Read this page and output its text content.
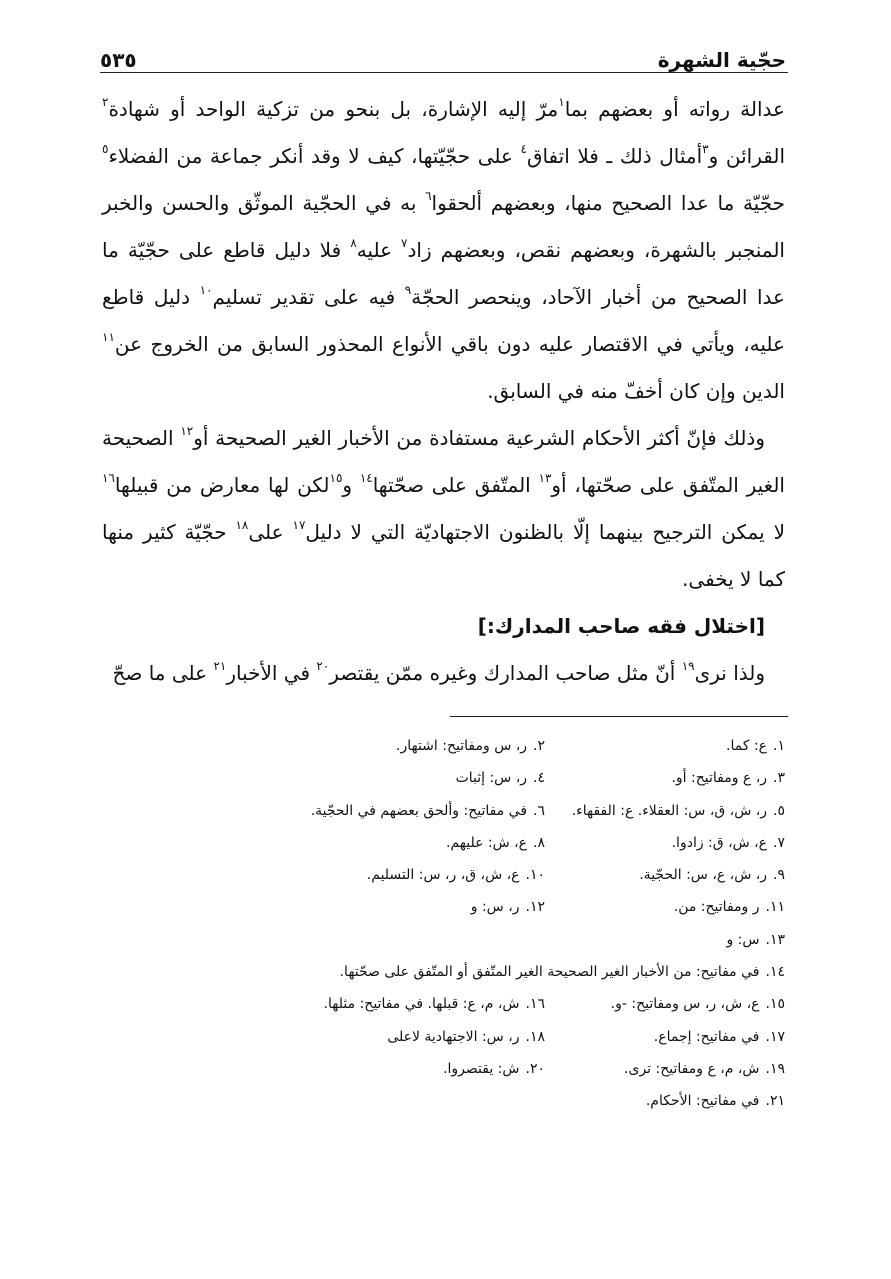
حجّية الشهرة
٥٣٥

عدالة رواته أو بعضهم بما$^١$مرّ إليه الإشارة، بل بنحو من تزكية الواحد أو شهادة$^٢$ القرائن و$^٣$أمثال ذلك ـ فلا اتفاق$^٤$ على حجّيّتها، كيف لا وقد أنكر جماعة من الفضلاء$^٥$ حجّيّة ما عدا الصحيح منها، وبعضهم ألحقوا$^٦$ به في الحجّية الموثّق والحسن والخبر المنجبر بالشهرة، وبعضهم نقص، وبعضهم زاد$^٧$ عليه$^٨$ فلا دليل قاطع على حجّيّة ما عدا الصحيح من أخبار الآحاد، وينحصر الحجّة$^٩$ فيه على تقدير تسليم$^{١٠}$ دليل قاطع عليه، ويأتي في الاقتصار عليه دون باقي الأنواع المحذور السابق من الخروج عن$^{١١}$ الدين وإن كان أخفّ منه في السابق.

وذلك فإنّ أكثر الأحكام الشرعية مستفادة من الأخبار الغير الصحيحة أو$^{١٢}$ الصحيحة الغير المتّفق على صحّتها، أو$^{١٣}$ المتّفق على صحّتها$^{١٤}$ و$^{١٥}$لكن لها معارض من قبيلها$^{١٦}$ لا يمكن الترجيح بينهما إلّا بالظنون الاجتهاديّة التي لا دليل$^{١٧}$ على$^{١٨}$ حجّيّة كثير منها كما لا يخفى.

[اختلال فقه صاحب المدارك:]

ولذا نرى$^{١٩}$ أنّ مثل صاحب المدارك وغيره ممّن يقتصر$^{٢٠}$ في الأخبار$^{٢١}$ على ما صحّ

١.ع: كما.
٢.ر، س ومفاتيح: اشتهار.
٣.ر، ع ومفاتيح: أو.
٤.ر، س: إثبات
٥.ر، ش، ق، س: العقلاء. ع: الفقهاء.
٦.في مفاتيح: وألحق بعضهم في الحجّية.
٧.ع، ش، ق: زادوا.
٨.ع، ش: عليهم.
٩.ر، ش، ع، س: الحجّية.
١٠.ع، ش، ق، ر، س: التسليم.
١١.ر ومفاتيح: من.
١٢.ر، س: و
١٣.س: و
١٤.في مفاتيح: من الأخبار الغير الصحيحة الغير المتّفق أو المتّفق على صحّتها.
١٥.ع، ش، ر، س ومفاتيح: -و.
١٦.ش، م، ع: قبلها. في مفاتيح: مثلها.
١٧.في مفاتيح: إجماع.
١٨.ر، س: الاجتهادية لاعلى
١٩.ش، م، ع ومفاتيح: ترى.
٢٠.ش: يقتصروا.
٢١.في مفاتيح: الأحكام.
